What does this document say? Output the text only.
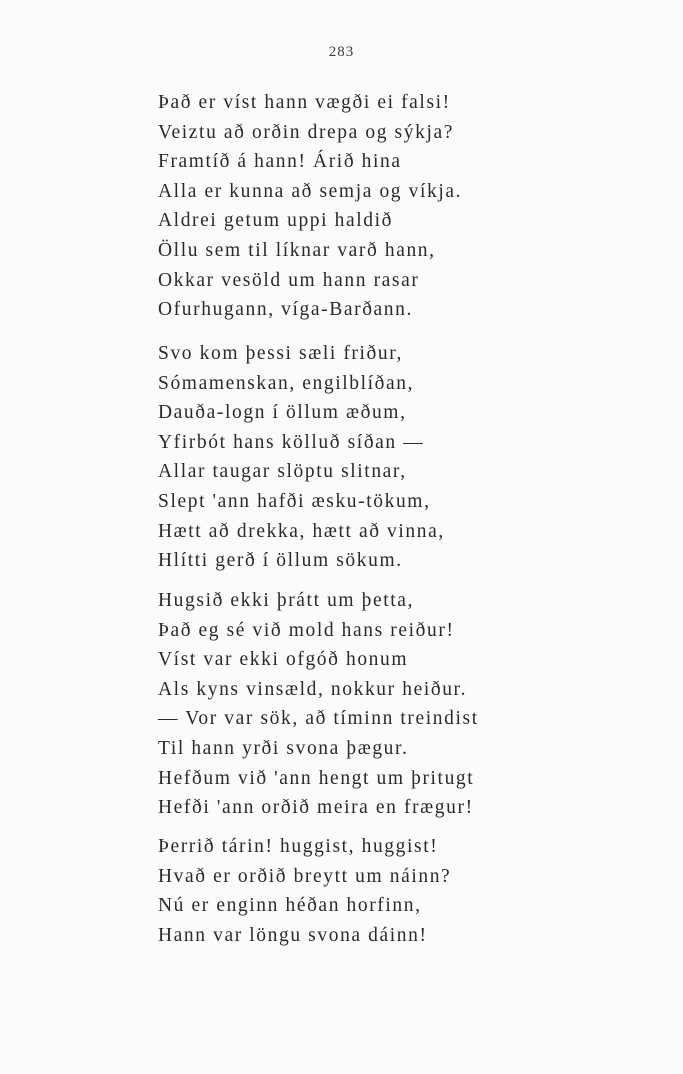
283
Það er víst hann vægði ei falsi!
Veiztu að orðin drepa og sýkja?
Framtíð á hann! Árið hina
Alla er kunna að semja og víkja.
Aldrei getum uppi haldið
Öllu sem til líknar varð hann,
Okkar vesöld um hann rasar
Ofurhugann, víga-Barðann.
Svo kom þessi sæli friður,
Sómamenskan, engilblíðan,
Dauða-logn í öllum æðum,
Yfirbót hans kölluð síðan —
Allar taugar slöptu slitnar,
Slept 'ann hafði æsku-tökum,
Hætt að drekka, hætt að vinna,
Hlítti gerð í öllum sökum.
Hugsið ekki þrátt um þetta,
Það eg sé við mold hans reiður!
Víst var ekki ofgóð honum
Als kyns vinsæld, nokkur heiður.
— Vor var sök, að tíminn treindist
Til hann yrði svona þægur.
Hefðum við 'ann hengt um þritugt
Hefði 'ann orðið meira en frægur!
Þerrið tárin! huggist, huggist!
Hvað er orðið breytt um náinn?
Nú er enginn héðan horfinn,
Hann var löngu svona dáinn!
